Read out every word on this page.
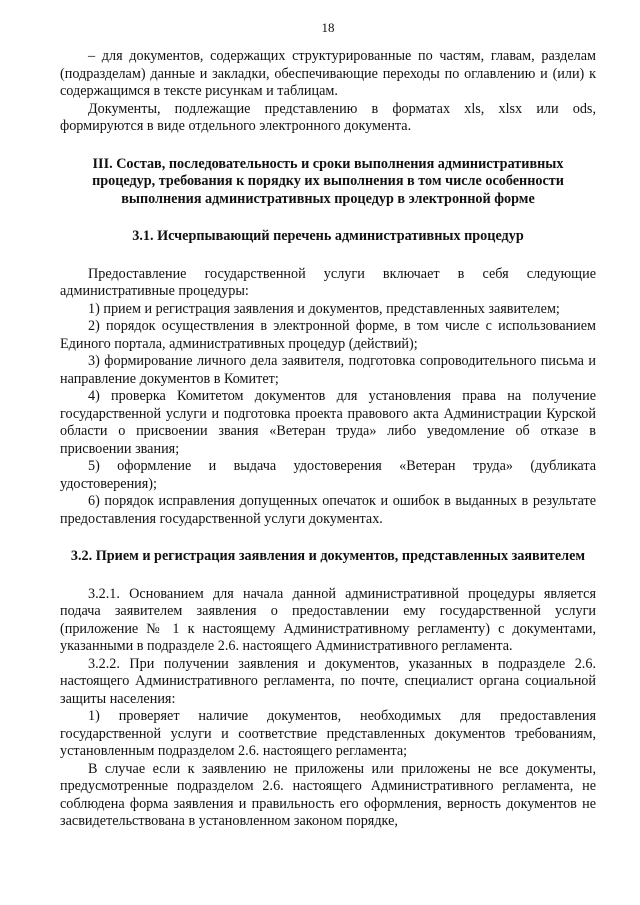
18

– для документов, содержащих структурированные по частям, главам, разделам (подразделам) данные и закладки, обеспечивающие переходы по оглавлению и (или) к содержащимся в тексте рисункам и таблицам.

Документы, подлежащие представлению в форматах xls, xlsx или ods, формируются в виде отдельного электронного документа.

III. Состав, последовательность и сроки выполнения административных процедур, требования к порядку их выполнения в том числе особенности выполнения административных процедур в электронной форме
3.1. Исчерпывающий перечень административных процедур

Предоставление государственной услуги включает в себя следующие административные процедуры:

1) прием и регистрация заявления и документов, представленных заявителем;

2) порядок осуществления в электронной форме, в том числе с использованием Единого портала, административных процедур (действий);

3) формирование личного дела заявителя, подготовка сопроводительного письма и направление документов в Комитет;

4) проверка Комитетом документов для установления права на получение государственной услуги и подготовка проекта правового акта Администрации Курской области о присвоении звания «Ветеран труда» либо уведомление об отказе в присвоении звания;

5) оформление и выдача удостоверения «Ветеран труда» (дубликата удостоверения);

6) порядок исправления допущенных опечаток и ошибок в выданных в результате предоставления государственной услуги документах.

3.2. Прием и регистрация заявления и документов, представленных заявителем

3.2.1. Основанием для начала данной административной процедуры является подача заявителем заявления о предоставлении ему государственной услуги (приложение № 1 к настоящему Административному регламенту) с документами, указанными в подразделе 2.6. настоящего Административного регламента.

3.2.2. При получении заявления и документов, указанных в подразделе 2.6. настоящего Административного регламента, по почте, специалист органа социальной защиты населения:

1) проверяет наличие документов, необходимых для предоставления государственной услуги и соответствие представленных документов требованиям, установленным подразделом 2.6. настоящего регламента;

В случае если к заявлению не приложены или приложены не все документы, предусмотренные подразделом 2.6. настоящего Административного регламента, не соблюдена форма заявления и правильность его оформления, верность документов не засвидетельствована в установленном законом порядке,
